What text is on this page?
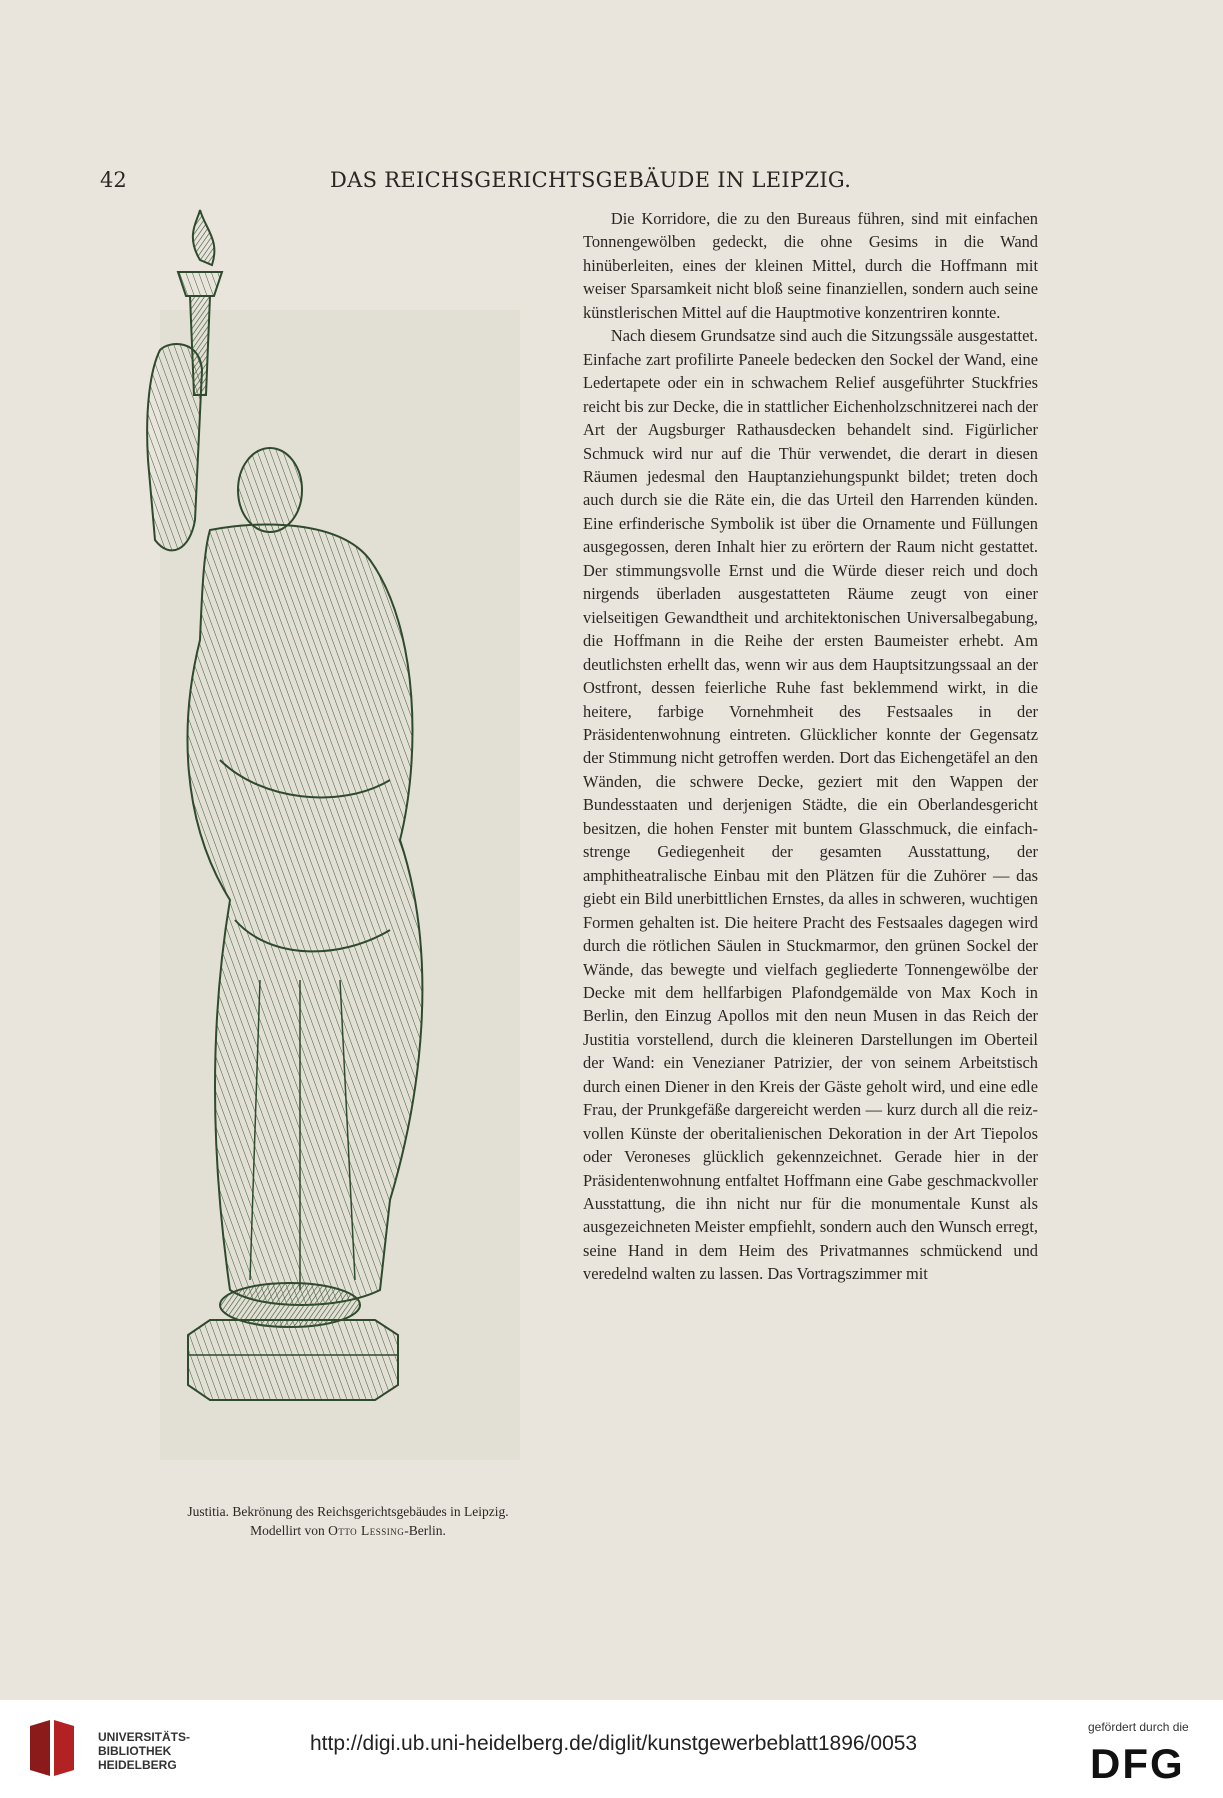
42	DAS REICHSGERICHTSGEBÄUDE IN LEIPZIG.
Justitia. Bekrönung des Reichsgerichtsgebäudes in Leipzig.
Modellirt von Otto Lessing-Berlin.

Die Korridore, die zu den Bureaus führen, sind mit einfachen Tonnengewölben gedeckt, die ohne Gesims in die Wand hinüberleiten, eines der kleinen Mittel, durch die Hoffmann mit weiser Sparsamkeit nicht bloß seine finanziellen, sondern auch seine künstlerischen Mittel auf die Hauptmotive konzentriren konnte.

Nach diesem Grundsatze sind auch die Sitzungssäle ausgestattet. Einfache zart profilirte Paneele bedecken den Sockel der Wand, eine Ledertapete oder ein in schwachem Relief ausgeführter Stuckfries reicht bis zur Decke, die in stattlicher Eichenholzschnitzerei nach der Art der Augsburger Rathausdecken behandelt sind. Figürlicher Schmuck wird nur auf die Thür verwendet, die derart in diesen Räumen jedesmal den Hauptanziehungspunkt bildet; treten doch auch durch sie die Räte ein, die das Urteil den Harrenden künden. Eine erfinderische Symbolik ist über die Ornamente und Füllungen ausgegossen, deren Inhalt hier zu erörtern der Raum nicht gestattet. Der stimmungsvolle Ernst und die Würde dieser reich und doch nirgends überladen ausgestatteten Räume zeugt von einer vielseitigen Gewandtheit und architektonischen Universalbegabung, die Hoffmann in die Reihe der ersten Baumeister erhebt. Am deutlichsten erhellt das, wenn wir aus dem Hauptsitzungssaal an der Ostfront, dessen feierliche Ruhe fast beklemmend wirkt, in die heitere, farbige Vornehmheit des Festsaales in der Präsidentenwohnung eintreten. Glücklicher konnte der Gegensatz der Stimmung nicht getroffen werden. Dort das Eichengetäfel an den Wänden, die schwere Decke, geziert mit den Wappen der Bundesstaaten und derjenigen Städte, die ein Oberlandesgericht besitzen, die hohen Fenster mit buntem Glasschmuck, die einfach-strenge Gediegenheit der gesamten Ausstattung, der amphitheatralische Einbau mit den Plätzen für die Zuhörer — das giebt ein Bild unerbittlichen Ernstes, da alles in schweren, wuchtigen Formen gehalten ist. Die heitere Pracht des Festsaales dagegen wird durch die rötlichen Säulen in Stuckmarmor, den grünen Sockel der Wände, das bewegte und vielfach gegliederte Tonnengewölbe der Decke mit dem hellfarbigen Plafondgemälde von Max Koch in Berlin, den Einzug Apollos mit den neun Musen in das Reich der Justitia vorstellend, durch die kleineren Darstellungen im Oberteil der Wand: ein Venezianer Patrizier, der von seinem Arbeitstisch durch einen Diener in den Kreis der Gäste geholt wird, und eine edle Frau, der Prunkgefäße dargereicht werden — kurz durch all die reizvollen Künste der oberitalienischen Dekoration in der Art Tiepolos oder Veroneses glücklich gekennzeichnet. Gerade hier in der Präsidentenwohnung entfaltet Hoffmann eine Gabe geschmackvoller Ausstattung, die ihn nicht nur für die monumentale Kunst als ausgezeichneten Meister empfiehlt, sondern auch den Wunsch erregt, seine Hand in dem Heim des Privatmannes schmückend und veredelnd walten zu lassen. Das Vortragszimmer mit

UNIVERSITÄTS-
BIBLIOTHEK
HEIDELBERG
http://digi.ub.uni-heidelberg.de/diglit/kunstgewerbeblatt1896/0053
gefördert durch die
DFG
